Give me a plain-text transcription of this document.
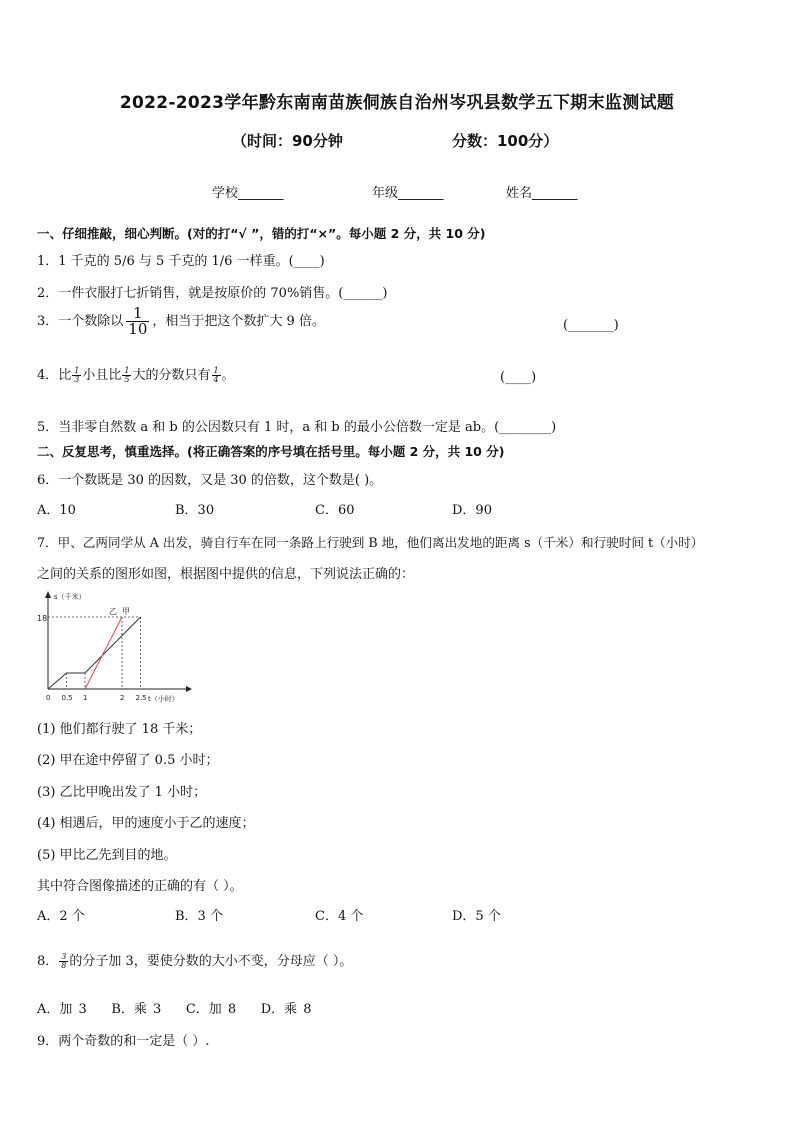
2022-2023学年黔东南南苗族侗族自治州岑巩县数学五下期末监测试题
（时间：90分钟	分数：100分）
学校_______	年级_______	姓名_______
一、仔细推敲，细心判断。(对的打“√ ”，错的打“×”。每小题 2 分，共 10 分)
1．1 千克的 5/6 与 5 千克的 1/6 一样重。(____)
2．一件衣服打七折销售，就是按原价的 70%销售。(______)
3．一个数除以 $\frac{1}{10}$ ，相当于把这个数扩大 9 倍。	(_______)
4．比 $\frac{1}{3}$ 小且比 $\frac{1}{5}$ 大的分数只有 $\frac{1}{4}$ 。	(____)
5．当非零自然数 a 和 b 的公因数只有 1 时，a 和 b 的最小公倍数一定是 ab。(________)
二、反复思考，慎重选择。(将正确答案的序号填在括号里。每小题 2 分，共 10 分)
6．一个数既是 30 的因数，又是 30 的倍数，这个数是( )。
A．10	B．30	C．60	D．90
7．甲、乙两同学从 A 出发，骑自行车在同一条路上行驶到 B 地，他们离出发地的距离 s（千米）和行驶时间 t（小时）
之间的关系的图形如图，根据图中提供的信息，下列说法正确的：
s（千米）
t（小时）
18
0 0.5 1	2 2.5
乙 甲
(1) 他们都行驶了 18 千米；
(2) 甲在途中停留了 0.5 小时；
(3) 乙比甲晚出发了 1 小时；
(4) 相遇后，甲的速度小于乙的速度；
(5) 甲比乙先到目的地。
其中符合图像描述的正确的有（ ）。
A．2 个	B．3 个	C．4 个	D．5 个
8． $\frac{3}{8}$ 的分子加 3，要使分数的大小不变，分母应（ ）。
A．加 3 B．乘 3 C．加 8 D．乘 8
9．两个奇数的和一定是（ ）.
